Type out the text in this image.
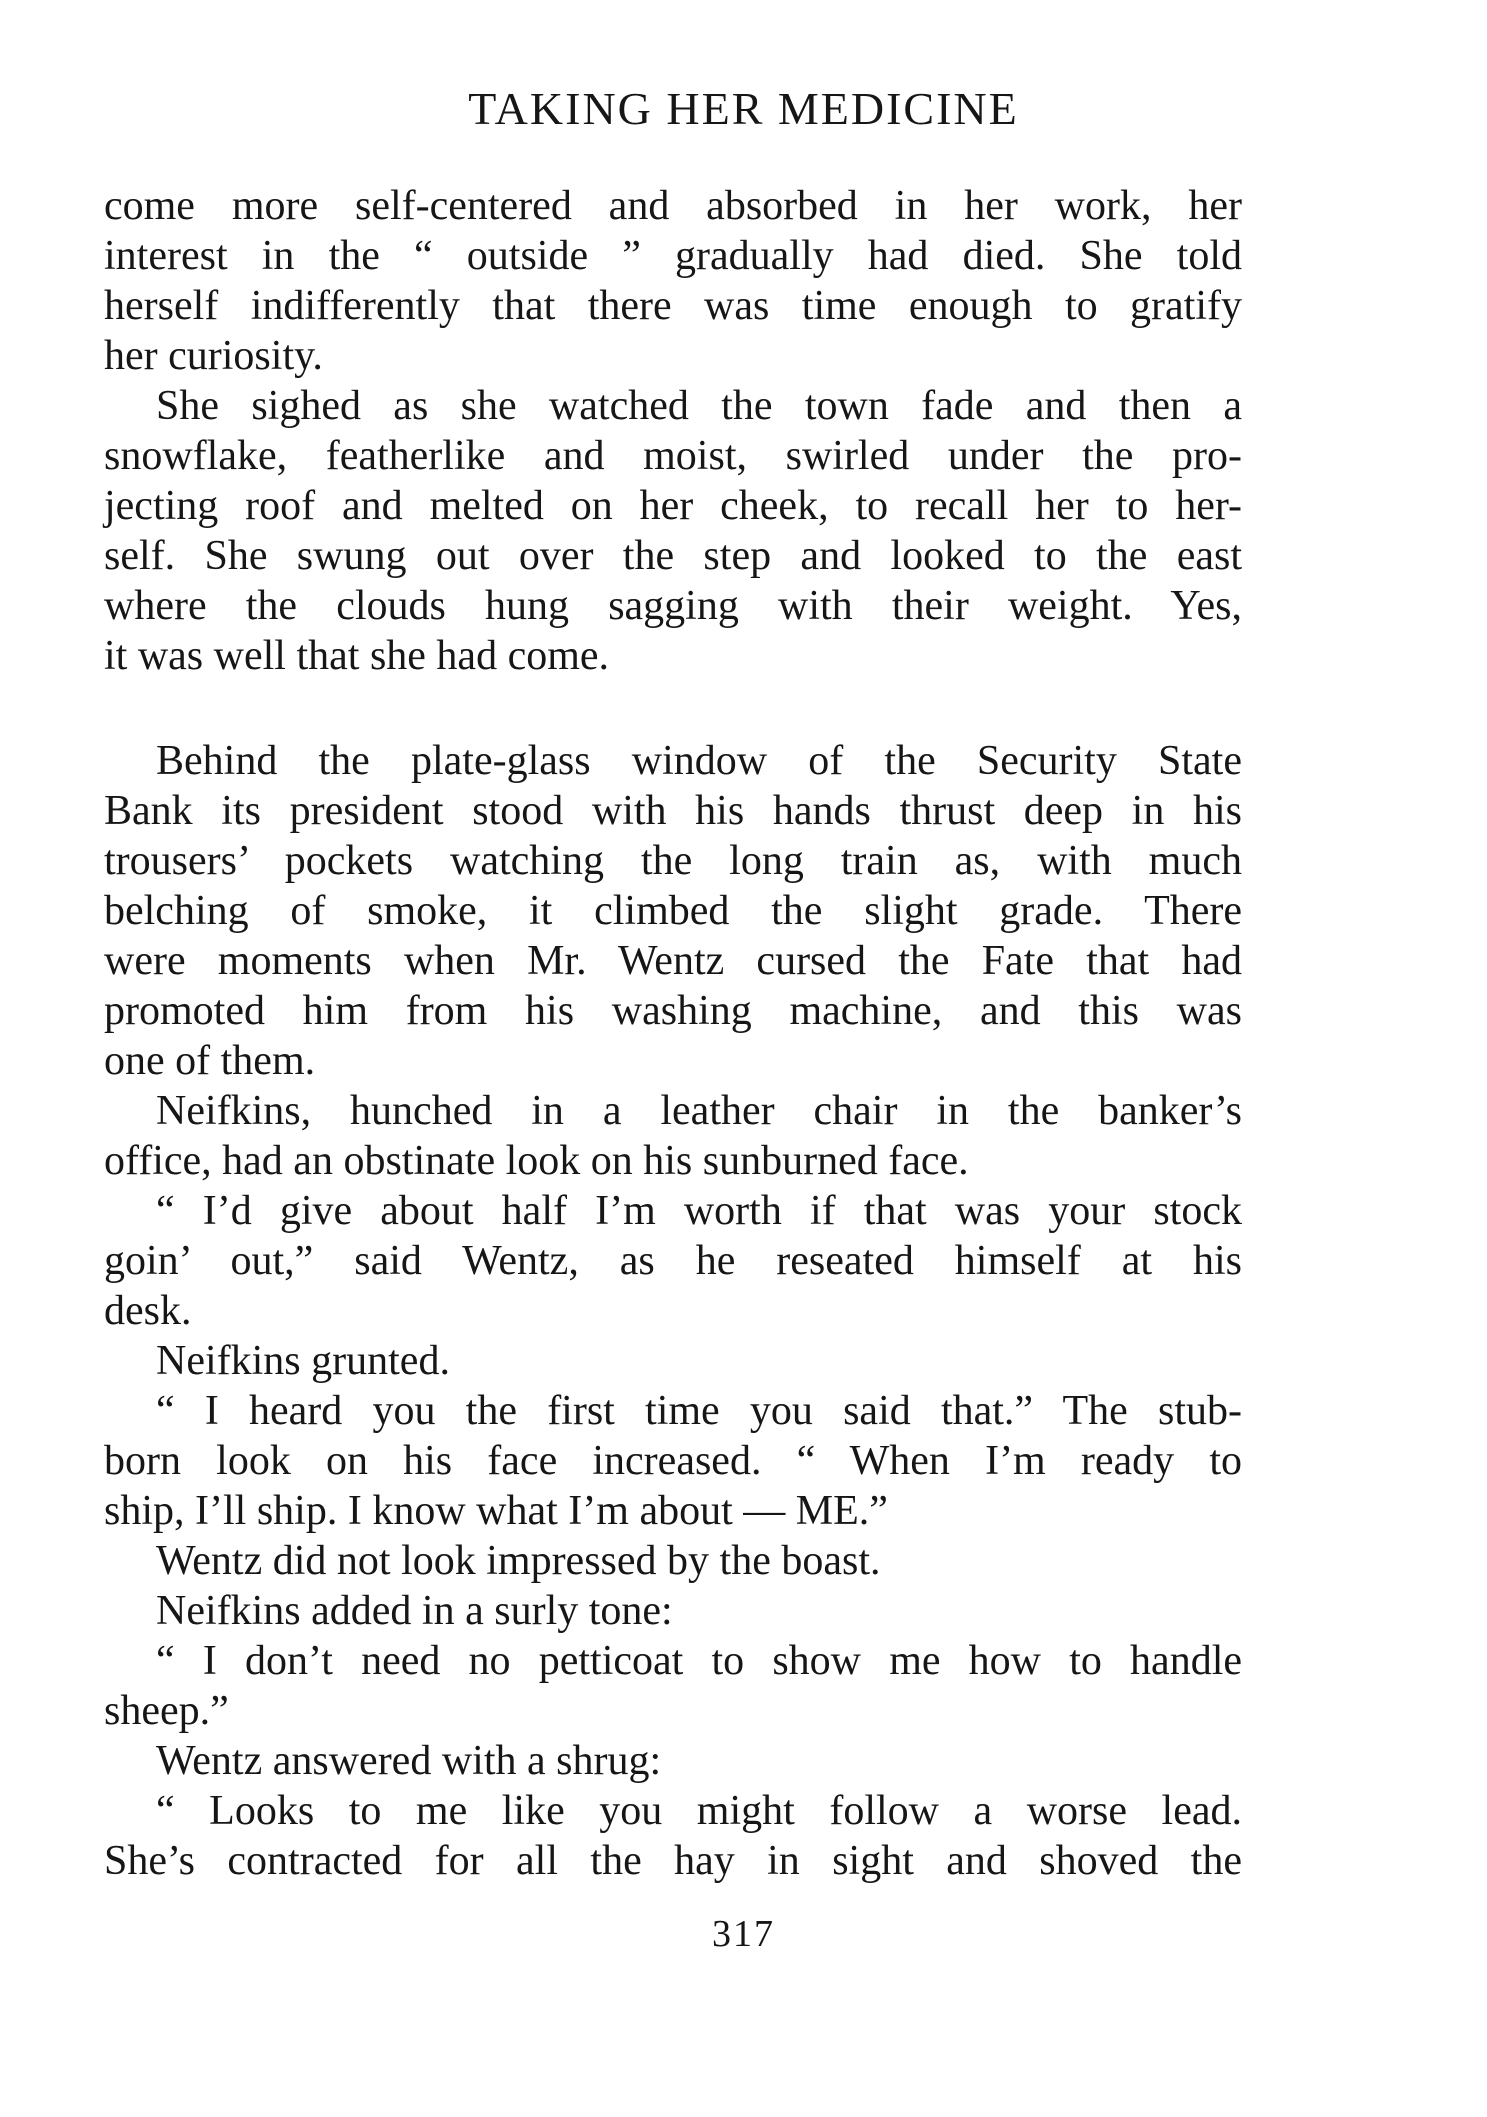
TAKING HER MEDICINE
come more self-centered and absorbed in her work, her
interest in the “ outside ” gradually had died. She told
herself indifferently that there was time enough to gratify
her curiosity.
She sighed as she watched the town fade and then a
snowflake, featherlike and moist, swirled under the pro-
jecting roof and melted on her cheek, to recall her to her-
self. She swung out over the step and looked to the east
where the clouds hung sagging with their weight. Yes,
it was well that she had come.
Behind the plate-glass window of the Security State
Bank its president stood with his hands thrust deep in his
trousers’ pockets watching the long train as, with much
belching of smoke, it climbed the slight grade. There
were moments when Mr. Wentz cursed the Fate that had
promoted him from his washing machine, and this was
one of them.
Neifkins, hunched in a leather chair in the banker’s
office, had an obstinate look on his sunburned face.
“ I’d give about half I’m worth if that was your stock
goin’ out,” said Wentz, as he reseated himself at his
desk.
Neifkins grunted.
“ I heard you the first time you said that.” The stub-
born look on his face increased. “ When I’m ready to
ship, I’ll ship. I know what I’m about — ME.”
Wentz did not look impressed by the boast.
Neifkins added in a surly tone:
“ I don’t need no petticoat to show me how to handle
sheep.”
Wentz answered with a shrug:
“ Looks to me like you might follow a worse lead.
She’s contracted for all the hay in sight and shoved the
317
